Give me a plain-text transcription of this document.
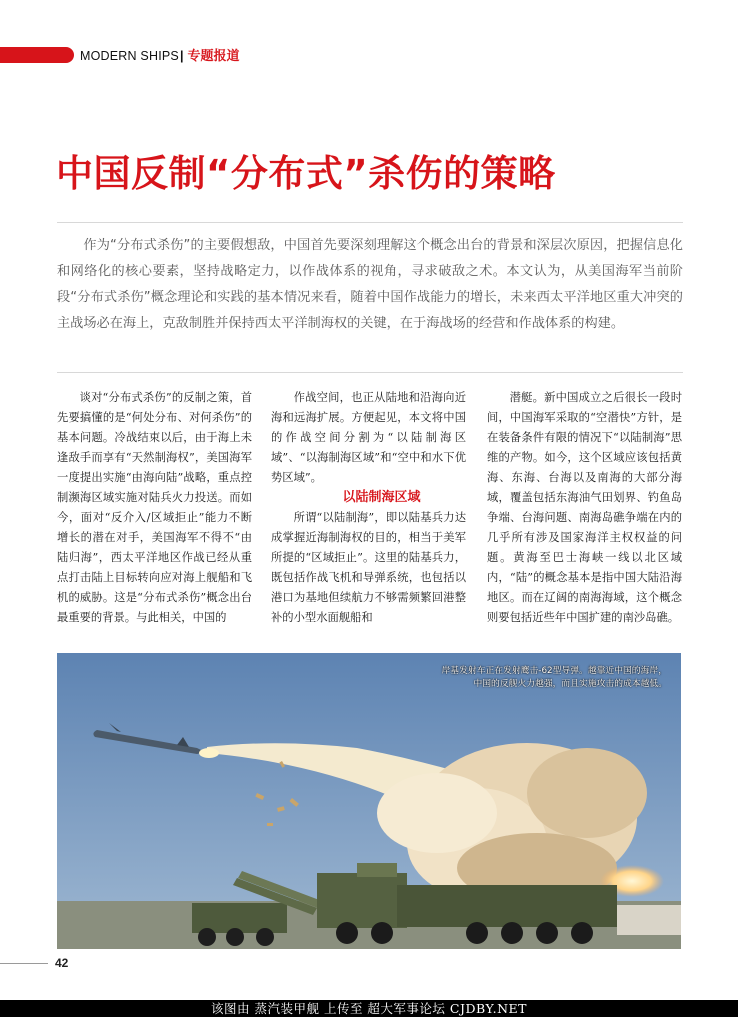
MODERN SHIPS| 专题报道
中国反制“分布式”杀伤的策略

作为“分布式杀伤”的主要假想敌，中国首先要深刻理解这个概念出台的背景和深层次原因，把握信息化和网络化的核心要素，坚持战略定力，以作战体系的视角，寻求破敌之术。本文认为，从美国海军当前阶段“分布式杀伤”概念理论和实践的基本情况来看，随着中国作战能力的增长，未来西太平洋地区重大冲突的主战场必在海上，克敌制胜并保持西太平洋制海权的关键，在于海战场的经营和作战体系的构建。

谈对“分布式杀伤”的反制之策，首先要搞懂的是“何处分布、对何杀伤”的基本问题。冷战结束以后，由于海上未逢敌手而享有“天然制海权”，美国海军一度提出实施“由海向陆”战略，重点控制濒海区域实施对陆兵火力投送。而如今，面对“反介入/区域拒止”能力不断增长的潜在对手，美国海军不得不“由陆归海”，西太平洋地区作战已经从重点打击陆上目标转向应对海上舰船和飞机的威胁。这是“分布式杀伤”概念出台最重要的背景。与此相关，中国的

作战空间，也正从陆地和沿海向近海和远海扩展。方便起见，本文将中国的作战空间分割为“以陆制海区域”、“以海制海区域”和“空中和水下优势区域”。

以陆制海区域

所谓“以陆制海”，即以陆基兵力达成掌握近海制海权的目的，相当于美军所提的“区域拒止”。这里的陆基兵力，既包括作战飞机和导弹系统，也包括以港口为基地但续航力不够需频繁回港整补的小型水面舰船和

潜艇。新中国成立之后很长一段时间，中国海军采取的“空潜快”方针，是在装备条件有限的情况下“以陆制海”思维的产物。如今，这个区域应该包括黄海、东海、台海以及南海的大部分海域，覆盖包括东海油气田划界、钓鱼岛争端、台海问题、南海岛礁争端在内的几乎所有涉及国家海洋主权权益的问题。黄海至巴士海峡一线以北区域内，“陆”的概念基本是指中国大陆沿海地区。而在辽阔的南海海域，这个概念则要包括近些年中国扩建的南沙岛礁。

岸基发射车正在发射鹰击-62型导弹。越靠近中国的海岸，
中国的反舰火力越强，而且实施攻击的成本越低。
42
该图由 蒸汽装甲舰 上传至 超大军事论坛 CJDBY.NET
